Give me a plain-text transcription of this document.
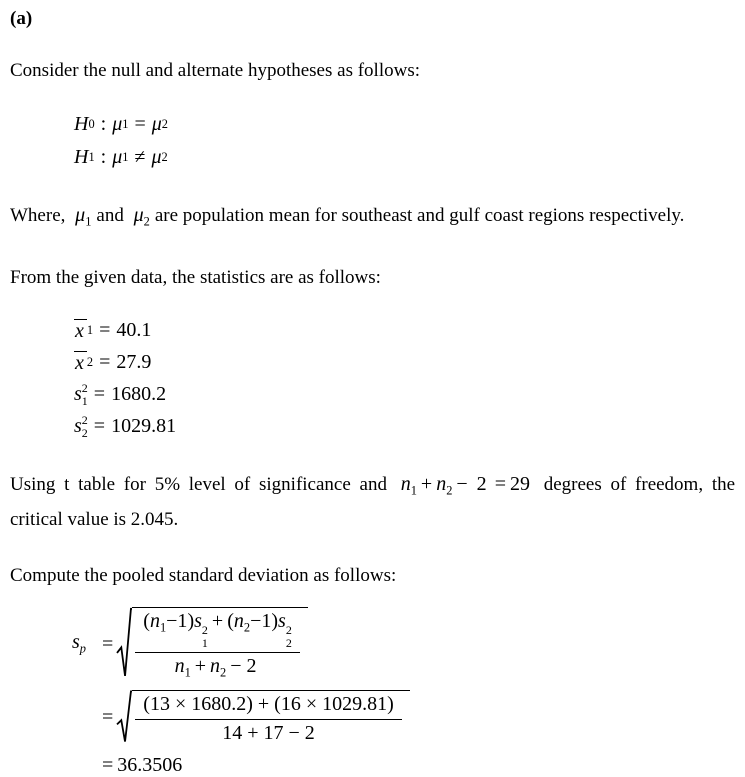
(a)

Consider the null and alternate hypotheses as follows:

H 0 : μ 1 = μ 2
H 1 : μ 1 ≠ μ 2

Where, $\mu_1$ and $\mu_2$ are population mean for southeast and gulf coast regions respectively.

From the given data, the statistics are as follows:

x 1 = 40.1
x 2 = 27.9
s 2
1 = 1680.2
s 2
2 = 1029.81

Using t table for 5% level of significance and $n_1 + n_2 - 2 = 29$ degrees of freedom, the critical value is 2.045.

Compute the pooled standard deviation as follows:

$s_p = (n_1-1)s$ 2
1
+ $(n_2-1)s$ 2
2
$n_1 + n_2 - 2$
= $\frac{(13 \times 1680.2) + (16 \times 1029.81)}{14 + 17 - 2}$
= 36.3506
